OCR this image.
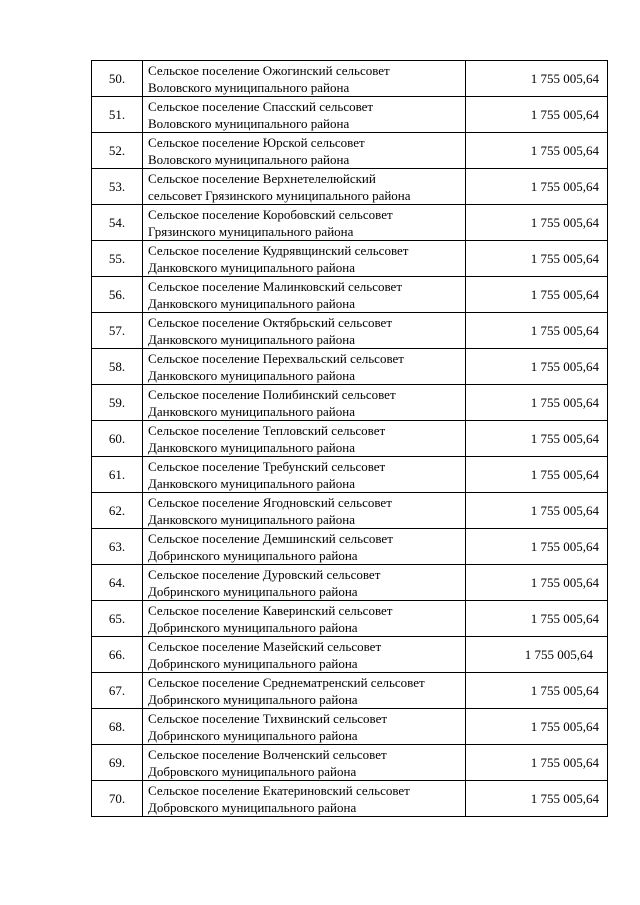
50.	Сельское поселение Ожогинский сельсовет
Воловского муниципального района	1 755 005,64
51.	Сельское поселение Спасский сельсовет
Воловского муниципального района	1 755 005,64
52.	Сельское поселение Юрской сельсовет
Воловского муниципального района	1 755 005,64
53.	Сельское поселение Верхнетелелюйский
сельсовет Грязинского муниципального района	1 755 005,64
54.	Сельское поселение Коробовский сельсовет
Грязинского муниципального района	1 755 005,64
55.	Сельское поселение Кудрявщинский сельсовет
Данковского муниципального района	1 755 005,64
56.	Сельское поселение Малинковский сельсовет
Данковского муниципального района	1 755 005,64
57.	Сельское поселение Октябрьский сельсовет
Данковского муниципального района	1 755 005,64
58.	Сельское поселение Перехвальский сельсовет
Данковского муниципального района	1 755 005,64
59.	Сельское поселение Полибинский сельсовет
Данковского муниципального района	1 755 005,64
60.	Сельское поселение Тепловский сельсовет
Данковского муниципального района	1 755 005,64
61.	Сельское поселение Требунский сельсовет
Данковского муниципального района	1 755 005,64
62.	Сельское поселение Ягодновский сельсовет
Данковского муниципального района	1 755 005,64
63.	Сельское поселение Демшинский сельсовет
Добринского муниципального района	1 755 005,64
64.	Сельское поселение Дуровский сельсовет
Добринского муниципального района	1 755 005,64
65.	Сельское поселение Каверинский сельсовет
Добринского муниципального района	1 755 005,64
66.	Сельское поселение Мазейский сельсовет
Добринского муниципального района	1 755 005,64
67.	Сельское поселение Среднематренский сельсовет
Добринского муниципального района	1 755 005,64
68.	Сельское поселение Тихвинский сельсовет
Добринского муниципального района	1 755 005,64
69.	Сельское поселение Волченский сельсовет
Добровского муниципального района	1 755 005,64
70.	Сельское поселение Екатериновский сельсовет
Добровского муниципального района	1 755 005,64
